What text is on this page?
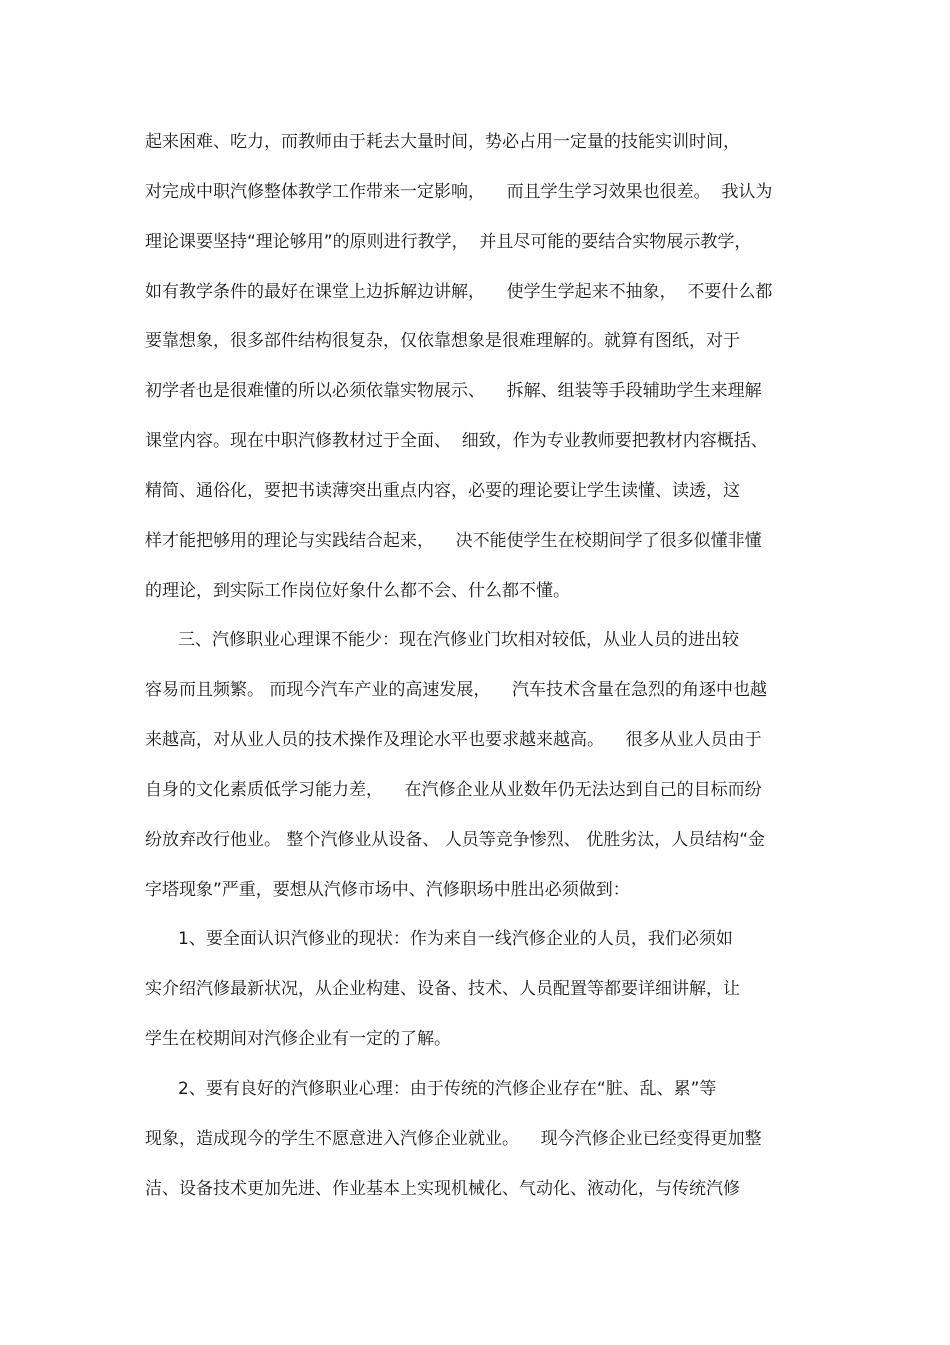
起来困难、吃力，而教师由于耗去大量时间，势必占用一定量的技能实训时间，
对完成中职汽修整体教学工作带来一定影响，    而且学生学习效果也很差。  我认为
理论课要坚持“理论够用”的原则进行教学，  并且尽可能的要结合实物展示教学，
如有教学条件的最好在课堂上边拆解边讲解，    使学生学起来不抽象，  不要什么都
要靠想象，很多部件结构很复杂，仅依靠想象是很难理解的。就算有图纸，对于
初学者也是很难懂的所以必须依靠实物展示、    拆解、组装等手段辅助学生来理解
课堂内容。现在中职汽修教材过于全面、  细致，作为专业教师要把教材内容概括、
精简、通俗化，要把书读薄突出重点内容，必要的理论要让学生读懂、读透，这
样才能把够用的理论与实践结合起来，    决不能使学生在校期间学了很多似懂非懂
的理论，到实际工作岗位好象什么都不会、什么都不懂。
三、汽修职业心理课不能少：现在汽修业门坎相对较低，从业人员的进出较
容易而且频繁。 而现今汽车产业的高速发展，    汽车技术含量在急烈的角逐中也越
来越高，对从业人员的技术操作及理论水平也要求越来越高。    很多从业人员由于
自身的文化素质低学习能力差，    在汽修企业从业数年仍无法达到自己的目标而纷
纷放弃改行他业。 整个汽修业从设备、 人员等竞争惨烈、 优胜劣汰，人员结构“金
字塔现象”严重，要想从汽修市场中、汽修职场中胜出必须做到：
1、要全面认识汽修业的现状：作为来自一线汽修企业的人员，我们必须如
实介绍汽修最新状况，从企业构建、设备、技术、人员配置等都要详细讲解，让
学生在校期间对汽修企业有一定的了解。
2、要有良好的汽修职业心理：由于传统的汽修企业存在“脏、乱、累”等
现象，造成现今的学生不愿意进入汽修企业就业。    现今汽修企业已经变得更加整
洁、设备技术更加先进、作业基本上实现机械化、气动化、液动化，与传统汽修
